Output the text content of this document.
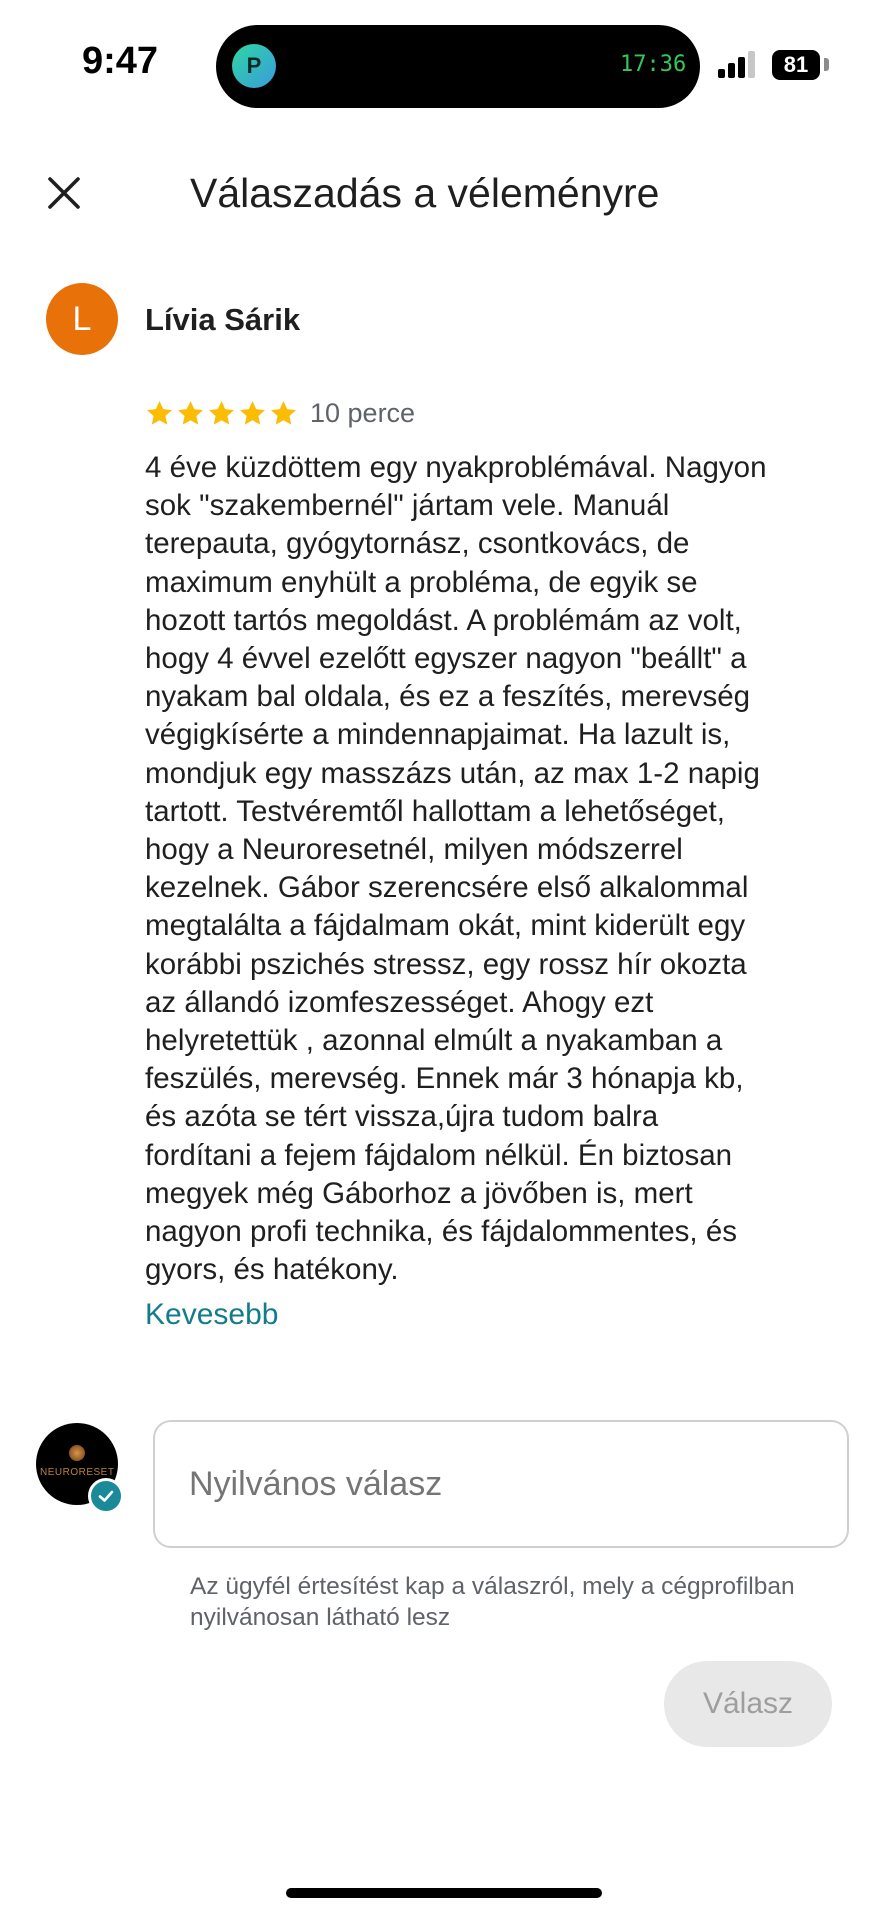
9:47	P	17:36	81
Válaszadás a véleményre
L	Lívia Sárik
10 perce

4 éve küzdöttem egy nyakproblémával. Nagyon
sok "szakembernél" jártam vele. Manuál
terepauta, gyógytornász, csontkovács, de
maximum enyhült a probléma, de egyik se
hozott tartós megoldást. A problémám az volt,
hogy 4 évvel ezelőtt egyszer nagyon "beállt" a
nyakam bal oldala, és ez a feszítés, merevség
végigkísérte a mindennapjaimat. Ha lazult is,
mondjuk egy masszázs után, az max 1-2 napig
tartott. Testvéremtől hallottam a lehetőséget,
hogy a Neuroresetnél, milyen módszerrel
kezelnek. Gábor szerencsére első alkalommal
megtalálta a fájdalmam okát, mint kiderült egy
korábbi pszichés stressz, egy rossz hír okozta
az állandó izomfeszességet. Ahogy ezt
helyretettük , azonnal elmúlt a nyakamban a
feszülés, merevség. Ennek már 3 hónapja kb,
és azóta se tért vissza,újra tudom balra
fordítani a fejem fájdalom nélkül. Én biztosan
megyek még Gáborhoz a jövőben is, mert
nagyon profi technika, és fájdalommentes, és
gyors, és hatékony.

Kevesebb
NEURORESET
Nyilvános válasz
Az ügyfél értesítést kap a válaszról, mely a cégprofilban nyilvánosan látható lesz
Válasz
